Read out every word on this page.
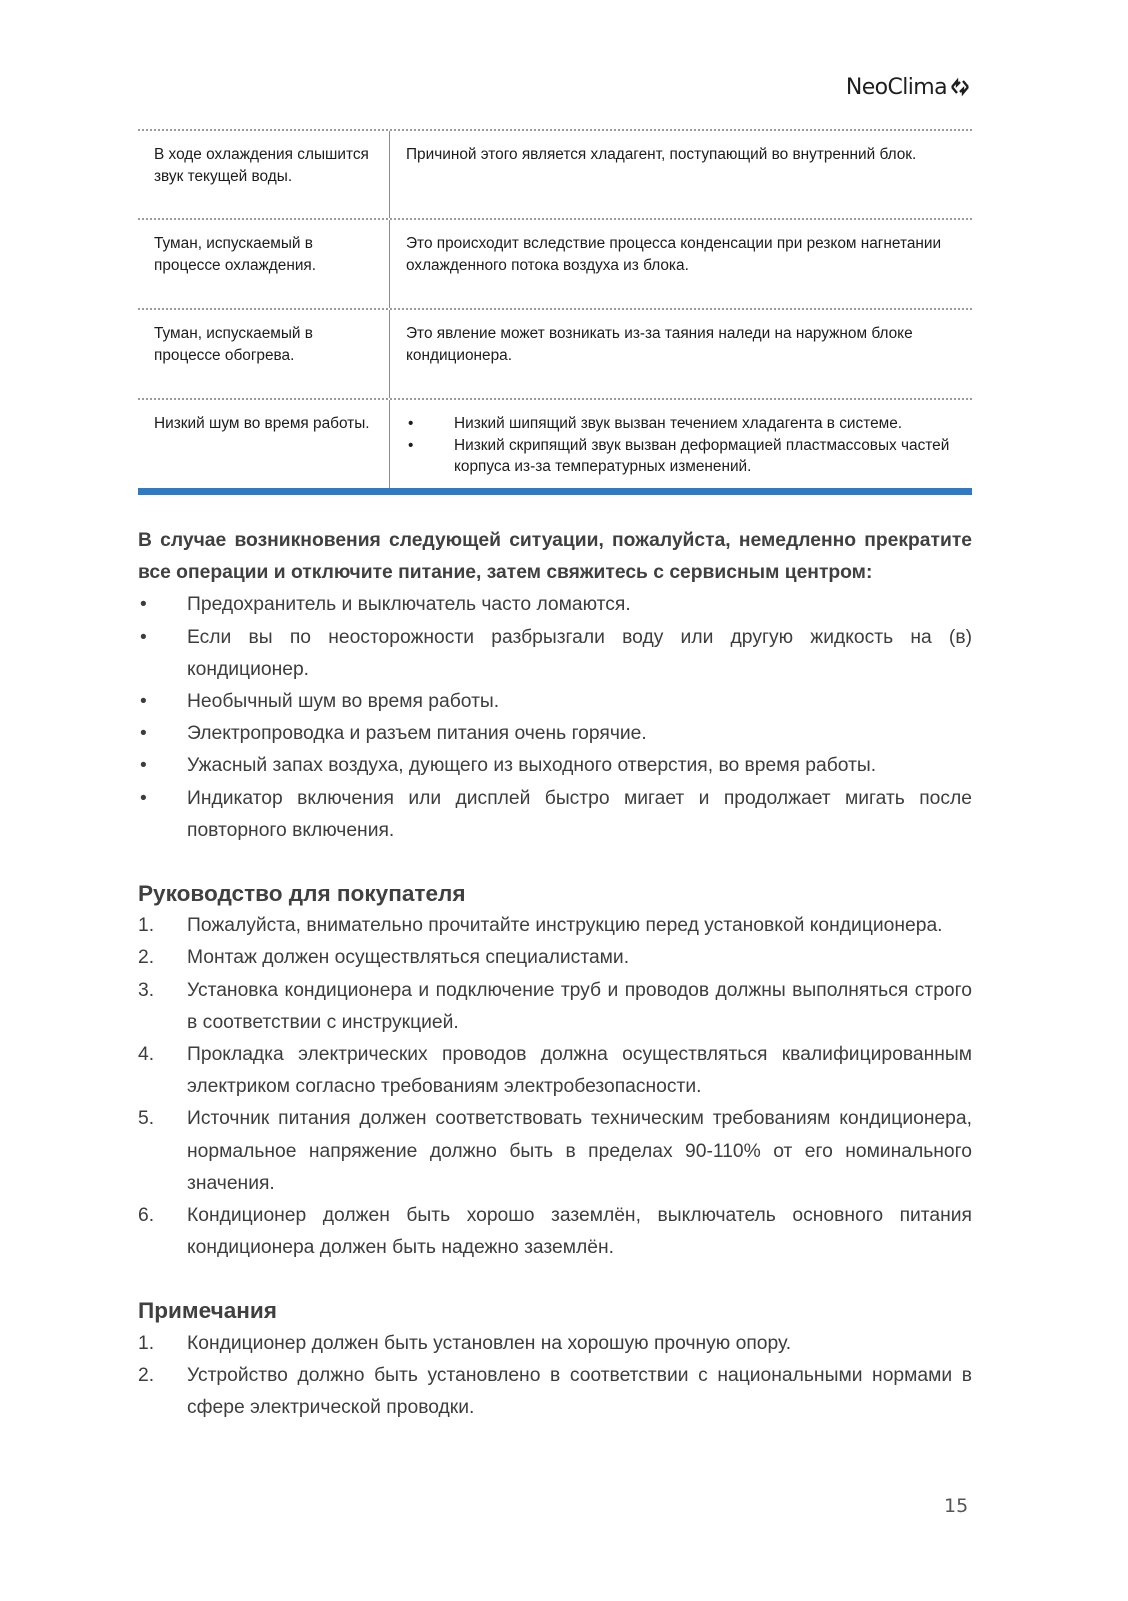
NeoClima
В ходе охлаждения слышится звук текущей воды.
Причиной этого является хладагент, поступающий во внутренний блок.
Туман, испускаемый в процессе охлаждения.
Это происходит вследствие процесса конденсации при резком нагнетании охлажденного потока воздуха из блока.
Туман, испускаемый в процессе обогрева.
Это явление может возникать из-за таяния наледи на наружном блоке кондиционера.
Низкий шум во время работы.
•	Низкий шипящий звук вызван течением хладагента в системе.
• Низкий скрипящий звук вызван деформацией пластмассовых частей корпуса из-за температурных изменений.
В случае возникновения следующей ситуации, пожалуйста, немедленно прекратите все операции и отключите питание, затем свяжитесь с сервисным центром:
• Предохранитель и выключатель часто ломаются.
• Если вы по неосторожности разбрызгали воду или другую жидкость на (в) кондиционер.
• Необычный шум во время работы.
• Электропроводка и разъем питания очень горячие.
• Ужасный запах воздуха, дующего из выходного отверстия, во время работы.
• Индикатор включения или дисплей быстро мигает и продолжает мигать после повторного включения.
Руководство для покупателя
1. Пожалуйста, внимательно прочитайте инструкцию перед установкой кондиционера.
2. Монтаж должен осуществляться специалистами.
3. Установка кондиционера и подключение труб и проводов должны выполняться строго в соответствии с инструкцией.
4. Прокладка электрических проводов должна осуществляться квалифицированным электриком согласно требованиям электробезопасности.
5. Источник питания должен соответствовать техническим требованиям кондиционера, нормальное напряжение должно быть в пределах 90-110% от его номинального значения.
6. Кондиционер должен быть хорошо заземлён, выключатель основного питания кондиционера должен быть надежно заземлён.
Примечания
1. Кондиционер должен быть установлен на хорошую прочную опору.
2. Устройство должно быть установлено в соответствии с национальными нормами в сфере электрической проводки.
15
